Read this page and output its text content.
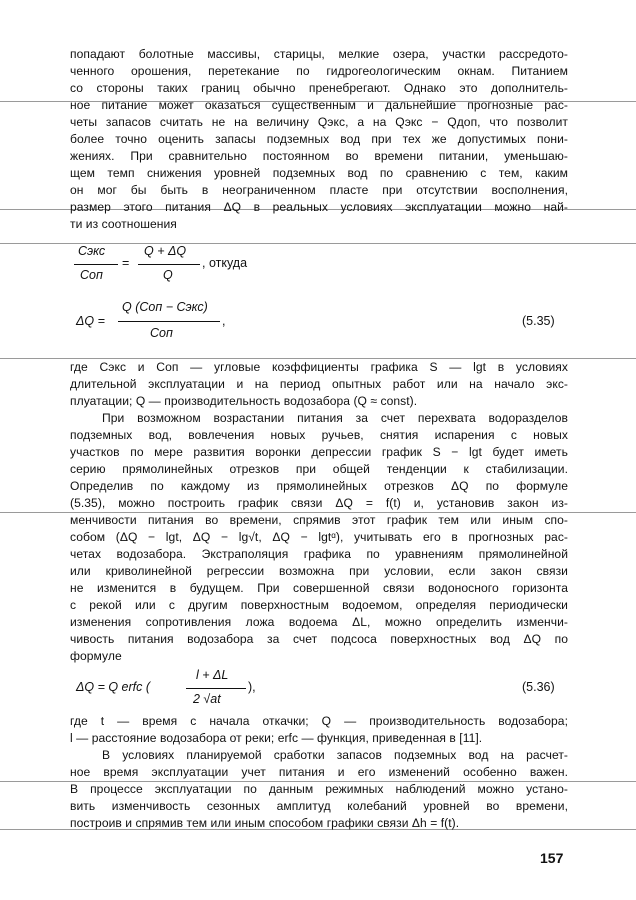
попадают болотные массивы, старицы, мелкие озера, участки рассредото-
ченного орошения, перетекание по гидрогеологическим окнам. Питанием
со стороны таких границ обычно пренебрегают. Однако это дополнитель-
ное питание может оказаться существенным и дальнейшие прогнозные рас-
четы запасов считать не на величину Qэкс, а на Qэкс − Qдоп, что позволит
более точно оценить запасы подземных вод при тех же допустимых пони-
жениях. При сравнительно постоянном во времени питании, уменьшаю-
щем темп снижения уровней подземных вод по сравнению с тем, каким
он мог бы быть в неограниченном пласте при отсутствии восполнения,
размер этого питания ΔQ в реальных условиях эксплуатации можно най-
ти из соотношения
Cэкс
Cоп
=
Q + ΔQ
Q
, откуда
ΔQ =
Q (Cоп − Cэкс)
Cоп
,	(5.35)
где Cэкс и Cоп — угловые коэффициенты графика S — lgt в условиях
длительной эксплуатации и на период опытных работ или на начало экс-
плуатации; Q — производительность водозабора (Q ≈ const).
При возможном возрастании питания за счет перехвата водоразделов
подземных вод, вовлечения новых ручьев, снятия испарения с новых
участков по мере развития воронки депрессии график S − lgt будет иметь
серию прямолинейных отрезков при общей тенденции к стабилизации.
Определив по каждому из прямолинейных отрезков ΔQ по формуле
(5.35), можно построить график связи ΔQ = f(t) и, установив закон из-
менчивости питания во времени, спрямив этот график тем или иным спо-
собом (ΔQ − lgt, ΔQ − lg√t, ΔQ − lgtᵅ), учитывать его в прогнозных рас-
четах водозабора. Экстраполяция графика по уравнениям прямолинейной
или криволинейной регрессии возможна при условии, если закон связи
не изменится в будущем. При совершенной связи водоносного горизонта
с рекой или с другим поверхностным водоемом, определяя периодически
изменения сопротивления ложа водоема ΔL, можно определить изменчи-
чивость питания водозабора за счет подсоса поверхностных вод ΔQ по
формуле
ΔQ = Q erfc (
l + ΔL
2 √at
),	(5.36)
где t — время с начала откачки; Q — производительность водозабора;
l — расстояние водозабора от реки; erfc — функция, приведенная в [11].
В условиях планируемой сработки запасов подземных вод на расчет-
ное время эксплуатации учет питания и его изменений особенно важен.
В процессе эксплуатации по данным режимных наблюдений можно устано-
вить изменчивость сезонных амплитуд колебаний уровней во времени,
построив и спрямив тем или иным способом графики связи Δh = f(t).
157
